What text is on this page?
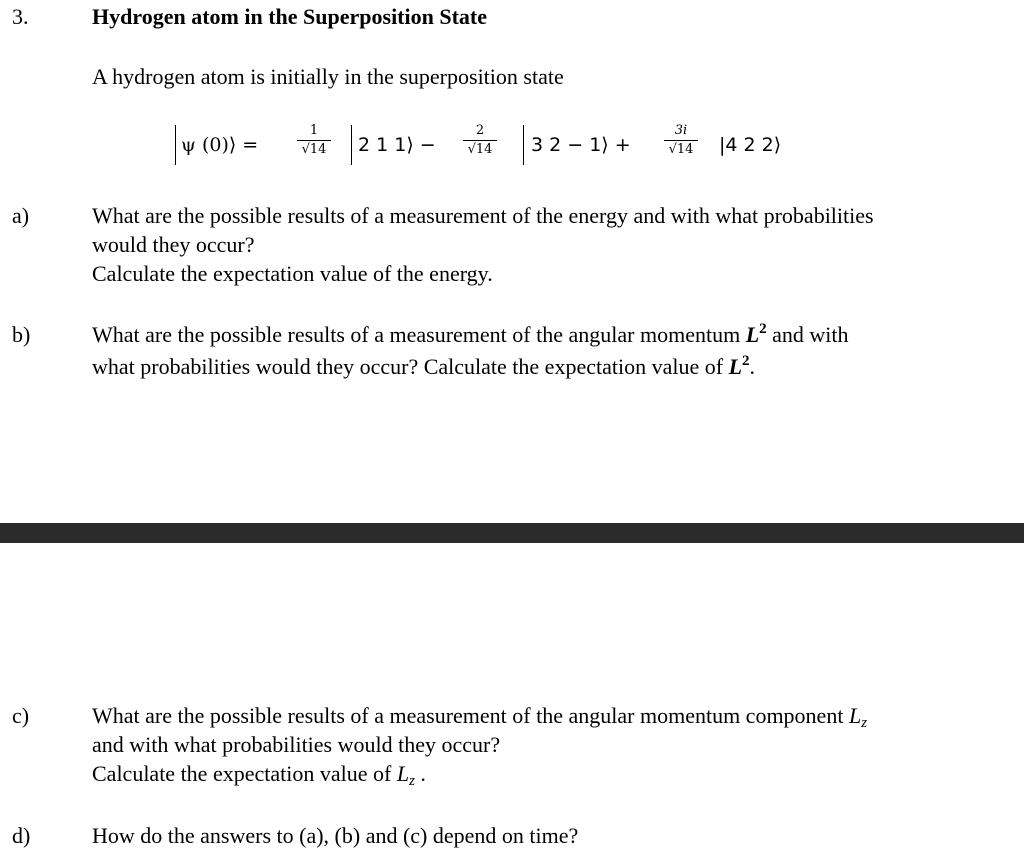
3.	Hydrogen atom in the Superposition State
A hydrogen atom is initially in the superposition state
ψ (0)⟩ =
1
√14 2 1 1⟩ −
2
√14 3 2 − 1⟩ +
3i
√14 |4 2 2⟩
a)	What are the possible results of a measurement of the energy and with what probabilities
would they occur?
Calculate the expectation value of the energy.
b)	What are the possible results of a measurement of the angular momentum $L^2$ and with
what probabilities would they occur? Calculate the expectation value of $L^2$.
c)	What are the possible results of a measurement of the angular momentum component $L_z$
and with what probabilities would they occur?
Calculate the expectation value of $L_z$ .
d)	How do the answers to (a), (b) and (c) depend on time?
